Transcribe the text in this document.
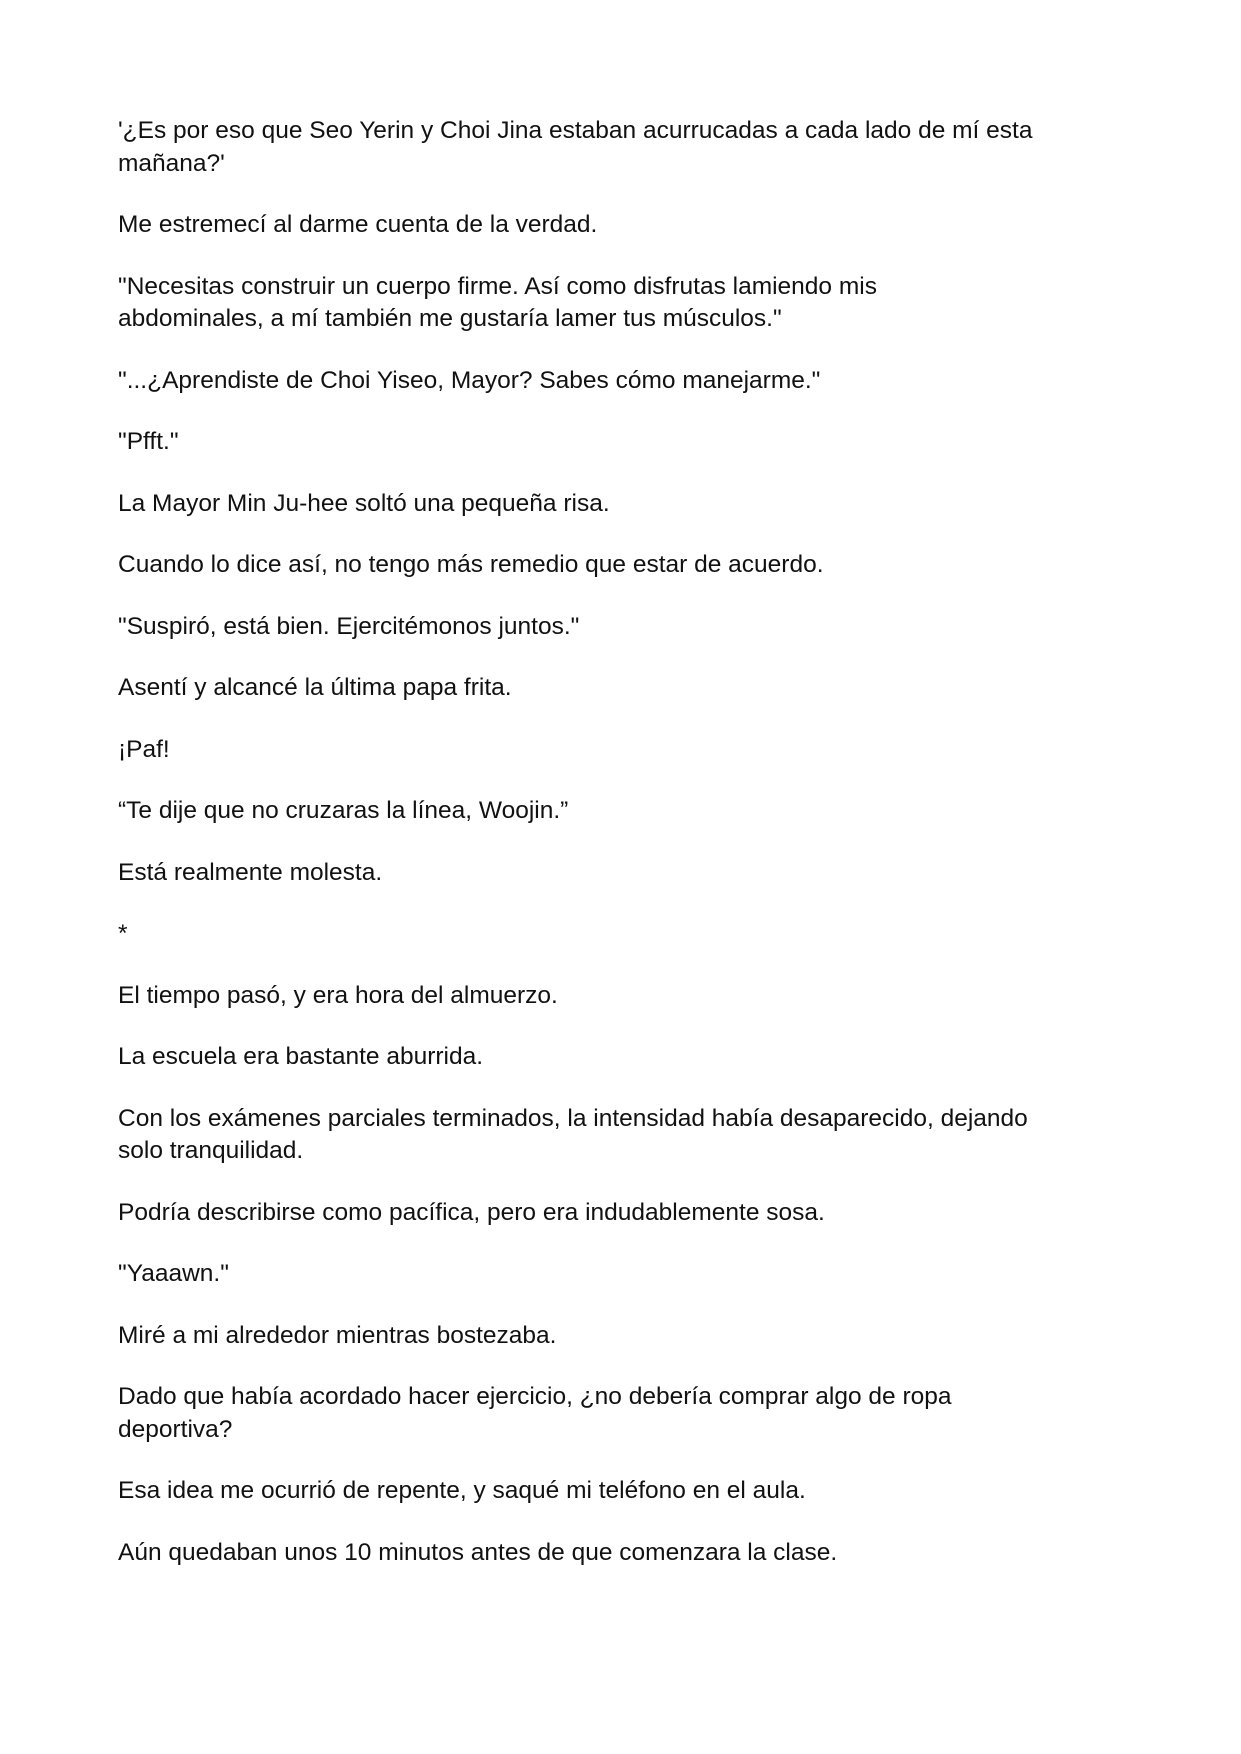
'¿Es por eso que Seo Yerin y Choi Jina estaban acurrucadas a cada lado de mí esta mañana?'

Me estremecí al darme cuenta de la verdad.

"Necesitas construir un cuerpo firme. Así como disfrutas lamiendo mis abdominales, a mí también me gustaría lamer tus músculos."

"...¿Aprendiste de Choi Yiseo, Mayor? Sabes cómo manejarme."

"Pfft."

La Mayor Min Ju-hee soltó una pequeña risa.

Cuando lo dice así, no tengo más remedio que estar de acuerdo.

"Suspiró, está bien. Ejercitémonos juntos."

Asentí y alcancé la última papa frita.

¡Paf!

“Te dije que no cruzaras la línea, Woojin.”

Está realmente molesta.

*

El tiempo pasó, y era hora del almuerzo.

La escuela era bastante aburrida.

Con los exámenes parciales terminados, la intensidad había desaparecido, dejando solo tranquilidad.

Podría describirse como pacífica, pero era indudablemente sosa.

"Yaaawn."

Miré a mi alrededor mientras bostezaba.

Dado que había acordado hacer ejercicio, ¿no debería comprar algo de ropa deportiva?

Esa idea me ocurrió de repente, y saqué mi teléfono en el aula.

Aún quedaban unos 10 minutos antes de que comenzara la clase.
